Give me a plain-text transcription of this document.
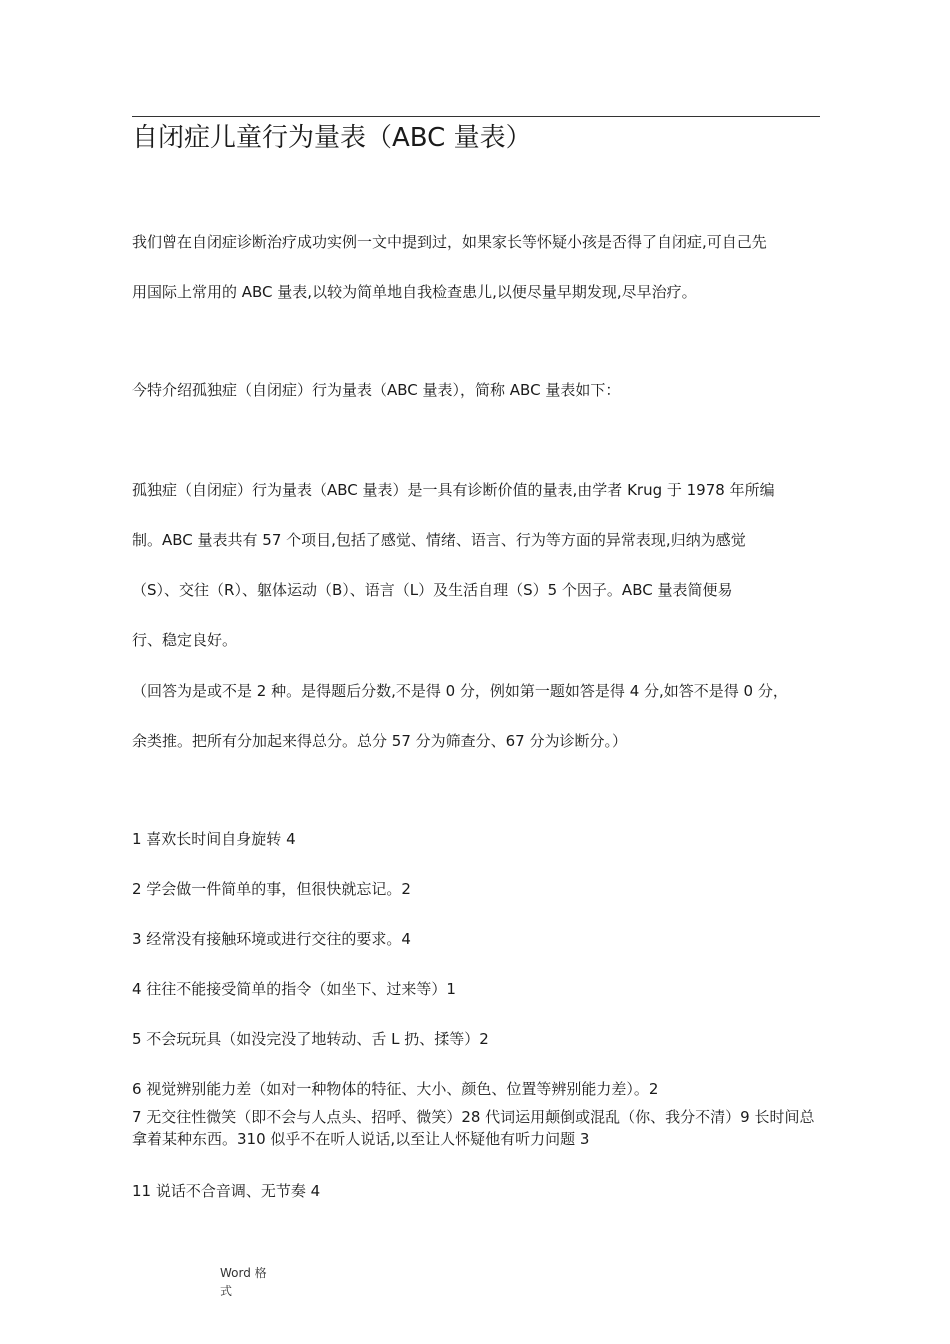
自闭症儿童行为量表（ABC 量表）

我们曾在自闭症诊断治疗成功实例一文中提到过，如果家长等怀疑小孩是否得了自闭症,可自己先

用国际上常用的 ABC 量表,以较为简单地自我检查患儿,以便尽量早期发现,尽早治疗。

今特介绍孤独症（自闭症）行为量表（ABC 量表），简称 ABC 量表如下：

孤独症（自闭症）行为量表（ABC 量表）是一具有诊断价值的量表,由学者 Krug 于 1978 年所编

制。ABC 量表共有 57 个项目,包括了感觉、情绪、语言、行为等方面的异常表现,归纳为感觉

（S）、交往（R）、躯体运动（B）、语言（L）及生活自理（S）5 个因子。ABC 量表简便易

行、稳定良好。

（回答为是或不是 2 种。是得题后分数,不是得 0 分，例如第一题如答是得 4 分,如答不是得 0 分，

余类推。把所有分加起来得总分。总分 57 分为筛查分、67 分为诊断分。）

1 喜欢长时间自身旋转 4

2 学会做一件简单的事，但很快就忘记。2

3 经常没有接触环境或进行交往的要求。4

4 往往不能接受简单的指令（如坐下、过来等）1

5 不会玩玩具（如没完没了地转动、舌 L 扔、揉等）2

6 视觉辨别能力差（如对一种物体的特征、大小、颜色、位置等辨别能力差）。2

7 无交往性微笑（即不会与人点头、招呼、微笑）28 代词运用颠倒或混乱（你、我分不清）9 长时间总拿着某种东西。310 似乎不在听人说话,以至让人怀疑他有听力问题 3

11 说话不合音调、无节奏 4

Word 格
式
